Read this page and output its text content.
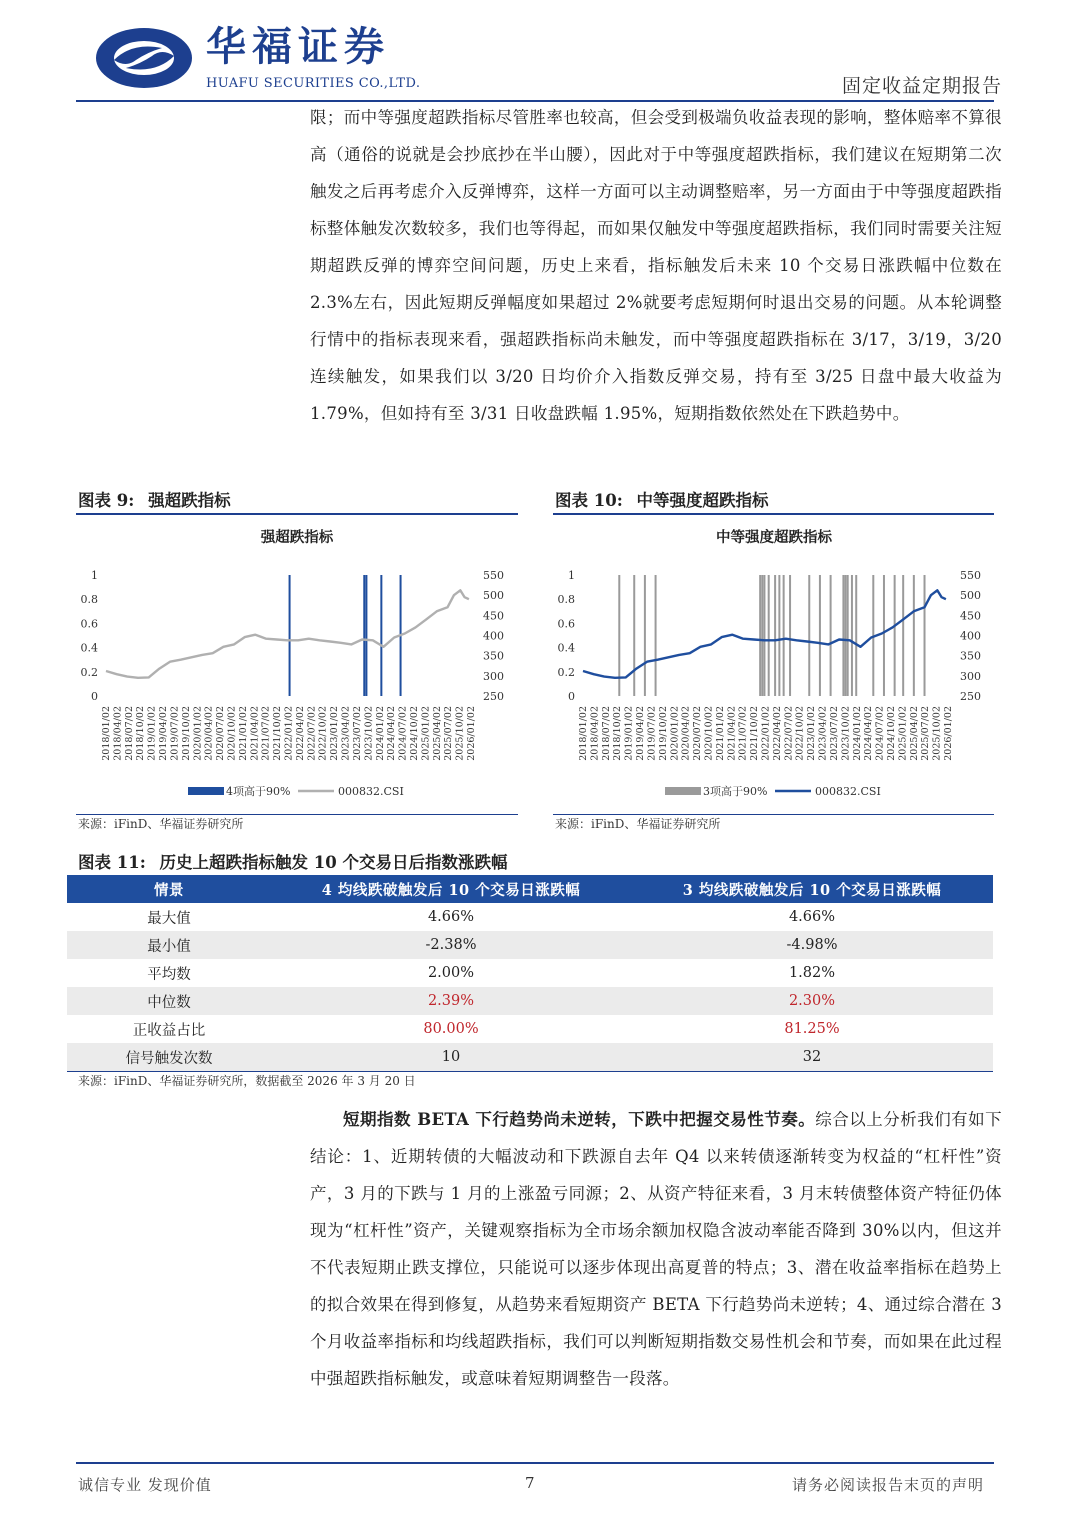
华福证券
HUAFU SECURITIES CO.,LTD.	固定收益定期报告

限；而中等强度超跌指标尽管胜率也较高，但会受到极端负收益表现的影响，整体赔率不算很高（通俗的说就是会抄底抄在半山腰），因此对于中等强度超跌指标，我们建议在短期第二次触发之后再考虑介入反弹博弈，这样一方面可以主动调整赔率，另一方面由于中等强度超跌指标整体触发次数较多，我们也等得起，而如果仅触发中等强度超跌指标，我们同时需要关注短期超跌反弹的博弈空间问题，历史上来看，指标触发后未来 10 个交易日涨跌幅中位数在 2.3%左右，因此短期反弹幅度如果超过 2%就要考虑短期何时退出交易的问题。从本轮调整行情中的指标表现来看，强超跌指标尚未触发，而中等强度超跌指标在 3/17，3/19，3/20 连续触发，如果我们以 3/20 日均价介入指数反弹交易，持有至 3/25 日盘中最大收益为 1.79%，但如持有至 3/31 日收盘跌幅 1.95%，短期指数依然处在下跌趋势中。

图表 9: 强超跌指标
强超跌指标
0
0.2
0.4
0.6
0.8
1
250
300
350
400
450
500
550
2018/01/02 2018/04/02 2018/07/02 2018/10/02 2019/01/02 2019/04/02 2019/07/02 2019/10/02 2020/01/02 2020/04/02 2020/07/02 2020/10/02 2021/01/02 2021/04/02 2021/07/02 2021/10/02 2022/01/02 2022/04/02 2022/07/02 2022/10/02 2023/01/02 2023/04/02 2023/07/02 2023/10/02 2024/01/02 2024/04/02 2024/07/02 2024/10/02 2025/01/02 2025/04/02 2025/07/02 2025/10/02 2026/01/02
4项高于90%	000832.CSI
来源：iFinD、华福证券研究所
图表 10: 中等强度超跌指标
中等强度超跌指标
0
0.2
0.4
0.6
0.8
1
250
300
350
400
450
500
550
2018/01/02 2018/04/02 2018/07/02 2018/10/02 2019/01/02 2019/04/02 2019/07/02 2019/10/02 2020/01/02 2020/04/02 2020/07/02 2020/10/02 2021/01/02 2021/04/02 2021/07/02 2021/10/02 2022/01/02 2022/04/02 2022/07/02 2022/10/02 2023/01/02 2023/04/02 2023/07/02 2023/10/02 2024/01/02 2024/04/02 2024/07/02 2024/10/02 2025/01/02 2025/04/02 2025/07/02 2025/10/02 2026/01/02
3项高于90%	000832.CSI
来源：iFinD、华福证券研究所
图表 11: 历史上超跌指标触发 10 个交易日后指数涨跌幅
情景	4 均线跌破触发后 10 个交易日涨跌幅	3 均线跌破触发后 10 个交易日涨跌幅
最大值	4.66%	4.66%
最小值	-2.38%	-4.98%
平均数	2.00%	1.82%
中位数	2.39%	2.30%
正收益占比	80.00%	81.25%
信号触发次数	10	32
来源：iFinD、华福证券研究所，数据截至 2026 年 3 月 20 日

短期指数 BETA 下行趋势尚未逆转，下跌中把握交易性节奏。综合以上分析我们有如下结论：1、近期转债的大幅波动和下跌源自去年 Q4 以来转债逐渐转变为权益的“杠杆性”资产，3 月的下跌与 1 月的上涨盈亏同源；2、从资产特征来看，3 月末转债整体资产特征仍体现为“杠杆性”资产，关键观察指标为全市场余额加权隐含波动率能否降到 30%以内，但这并不代表短期止跌支撑位，只能说可以逐步体现出高夏普的特点；3、潜在收益率指标在趋势上的拟合效果在得到修复，从趋势来看短期资产 BETA 下行趋势尚未逆转；4、通过综合潜在 3 个月收益率指标和均线超跌指标，我们可以判断短期指数交易性机会和节奏，而如果在此过程中强超跌指标触发，或意味着短期调整告一段落。

诚信专业 发现价值	7	请务必阅读报告末页的声明
